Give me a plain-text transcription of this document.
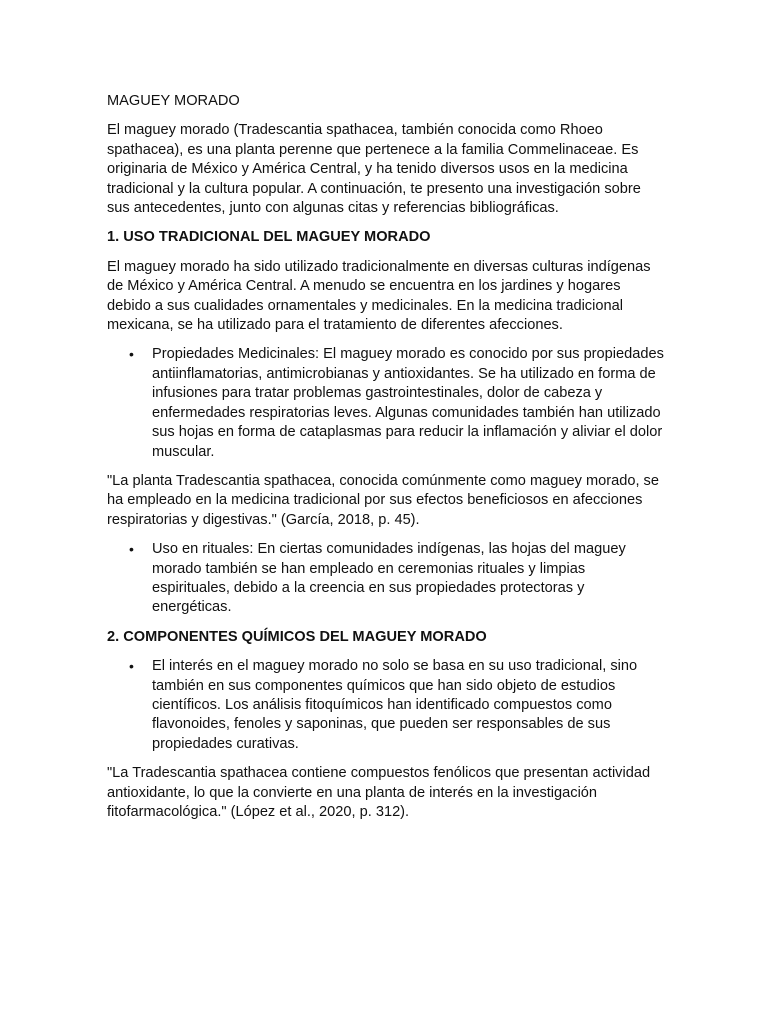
MAGUEY MORADO

El maguey morado (Tradescantia spathacea, también conocida como Rhoeo spathacea), es una planta perenne que pertenece a la familia Commelinaceae. Es originaria de México y América Central, y ha tenido diversos usos en la medicina tradicional y la cultura popular. A continuación, te presento una investigación sobre sus antecedentes, junto con algunas citas y referencias bibliográficas.

1. USO TRADICIONAL DEL MAGUEY MORADO

El maguey morado ha sido utilizado tradicionalmente en diversas culturas indígenas de México y América Central. A menudo se encuentra en los jardines y hogares debido a sus cualidades ornamentales y medicinales. En la medicina tradicional mexicana, se ha utilizado para el tratamiento de diferentes afecciones.

• Propiedades Medicinales: El maguey morado es conocido por sus propiedades antiinflamatorias, antimicrobianas y antioxidantes. Se ha utilizado en forma de infusiones para tratar problemas gastrointestinales, dolor de cabeza y enfermedades respiratorias leves. Algunas comunidades también han utilizado sus hojas en forma de cataplasmas para reducir la inflamación y aliviar el dolor muscular.

"La planta Tradescantia spathacea, conocida comúnmente como maguey morado, se ha empleado en la medicina tradicional por sus efectos beneficiosos en afecciones respiratorias y digestivas." (García, 2018, p. 45).

• Uso en rituales: En ciertas comunidades indígenas, las hojas del maguey morado también se han empleado en ceremonias rituales y limpias espirituales, debido a la creencia en sus propiedades protectoras y energéticas.

2. COMPONENTES QUÍMICOS DEL MAGUEY MORADO

• El interés en el maguey morado no solo se basa en su uso tradicional, sino también en sus componentes químicos que han sido objeto de estudios científicos. Los análisis fitoquímicos han identificado compuestos como flavonoides, fenoles y saponinas, que pueden ser responsables de sus propiedades curativas.

"La Tradescantia spathacea contiene compuestos fenólicos que presentan actividad antioxidante, lo que la convierte en una planta de interés en la investigación fitofarmacológica." (López et al., 2020, p. 312).
